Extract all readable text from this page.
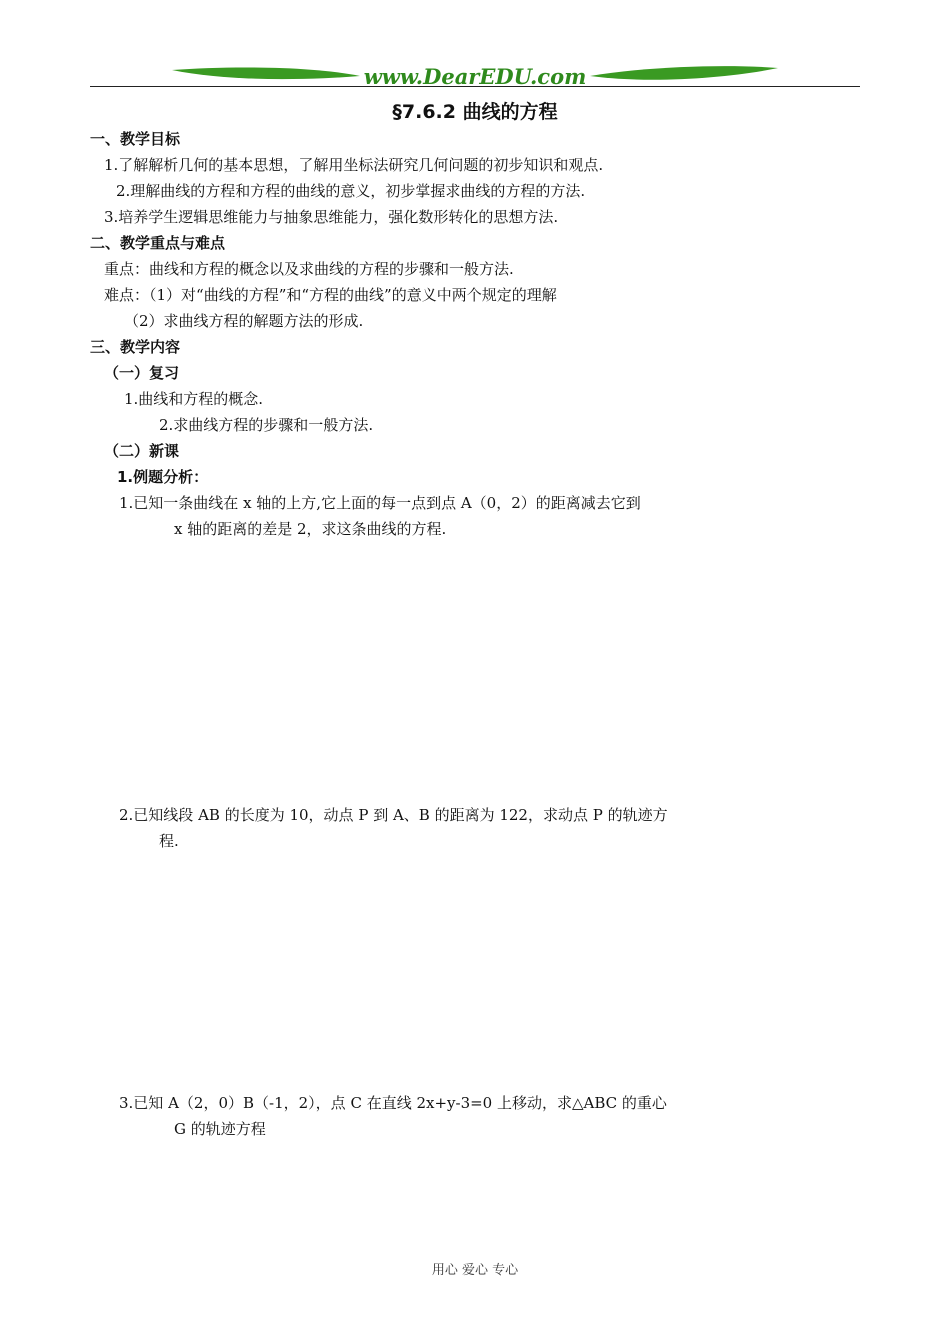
www.DearEDU.com
§7.6.2 曲线的方程
一、教学目标
1.了解解析几何的基本思想，了解用坐标法研究几何问题的初步知识和观点.
2.理解曲线的方程和方程的曲线的意义，初步掌握求曲线的方程的方法.
3.培养学生逻辑思维能力与抽象思维能力，强化数形转化的思想方法.
二、教学重点与难点
重点：曲线和方程的概念以及求曲线的方程的步骤和一般方法.
难点：（1）对“曲线的方程”和“方程的曲线”的意义中两个规定的理解
（2）求曲线方程的解题方法的形成.
三、教学内容
（一）复习
1.曲线和方程的概念.
2.求曲线方程的步骤和一般方法.
（二）新课
1.例题分析：
1.已知一条曲线在 x 轴的上方,它上面的每一点到点 A（0，2）的距离减去它到
x 轴的距离的差是 2，求这条曲线的方程.
2.已知线段 AB 的长度为 10，动点 P 到 A、B 的距离为 122，求动点 P 的轨迹方
程.
3.已知 A（2，0）B（-1，2），点 C 在直线 2x+y-3=0 上移动，求△ABC 的重心
G 的轨迹方程
用心 爱心 专心
